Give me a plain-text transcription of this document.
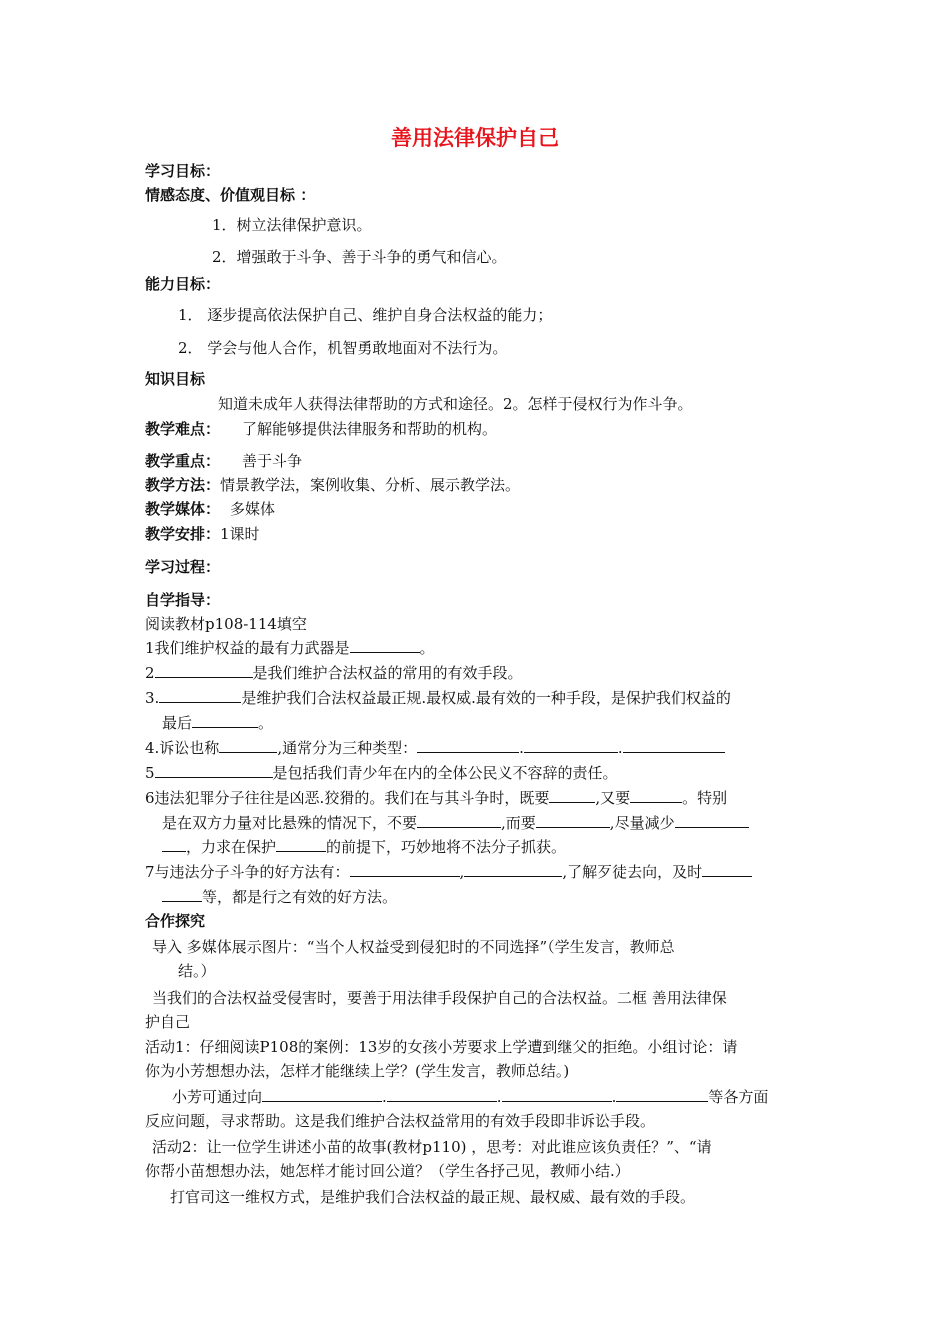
善用法律保护自己
学习目标：
情感态度、价值观目标 ：
1．树立法律保护意识。
2．增强敢于斗争、善于斗争的勇气和信心。
能力目标：
1． 逐步提高依法保护自己、维护自身合法权益的能力；
2． 学会与他人合作，机智勇敢地面对不法行为。
知识目标
知道未成年人获得法律帮助的方式和途径。2。怎样于侵权行为作斗争。
教学难点： 了解能够提供法律服务和帮助的机构。
教学重点： 善于斗争
教学方法：情景教学法，案例收集、分析、展示教学法。
教学媒体： 多媒体
教学安排：1课时
学习过程：
自学指导：
阅读教材p108-114填空
1我们维护权益的最有力武器是	。
2	是我们维护合法权益的常用的有效手段。
3.	是维护我们合法权益最正规.最权威.最有效的一种手段，是保护我们权益的
最后	。
4.诉讼也称	,通常分为三种类型：	.	.
5	是包括我们青少年在内的全体公民义不容辞的责任。
6违法犯罪分子往往是凶恶.狡猾的。我们在与其斗争时，既要	,又要	。特别
是在双方力量对比悬殊的情况下，不要	,而要	,尽量减少
，力求在保护	的前提下，巧妙地将不法分子抓获。
7与违法分子斗争的好方法有：	,	,了解歹徒去向，及时
等，都是行之有效的好方法。
合作探究
导入 多媒体展示图片：“当个人权益受到侵犯时的不同选择”（学生发言，教师总
结。）
当我们的合法权益受侵害时，要善于用法律手段保护自己的合法权益。二框 善用法律保
护自己
活动1：仔细阅读P108的案例：13岁的女孩小芳要求上学遭到继父的拒绝。小组讨论：请
你为小芳想想办法，怎样才能继续上学？(学生发言，教师总结。)
小芳可通过向	.	.	.	等各方面
反应问题，寻求帮助。这是我们维护合法权益常用的有效手段即非诉讼手段。
活动2：让一位学生讲述小苗的故事(教材p110) ，思考：对此谁应该负责任？”、“请
你帮小苗想想办法，她怎样才能讨回公道？（学生各抒己见，教师小结.）
打官司这一维权方式，是维护我们合法权益的最正规、最权威、最有效的手段。
